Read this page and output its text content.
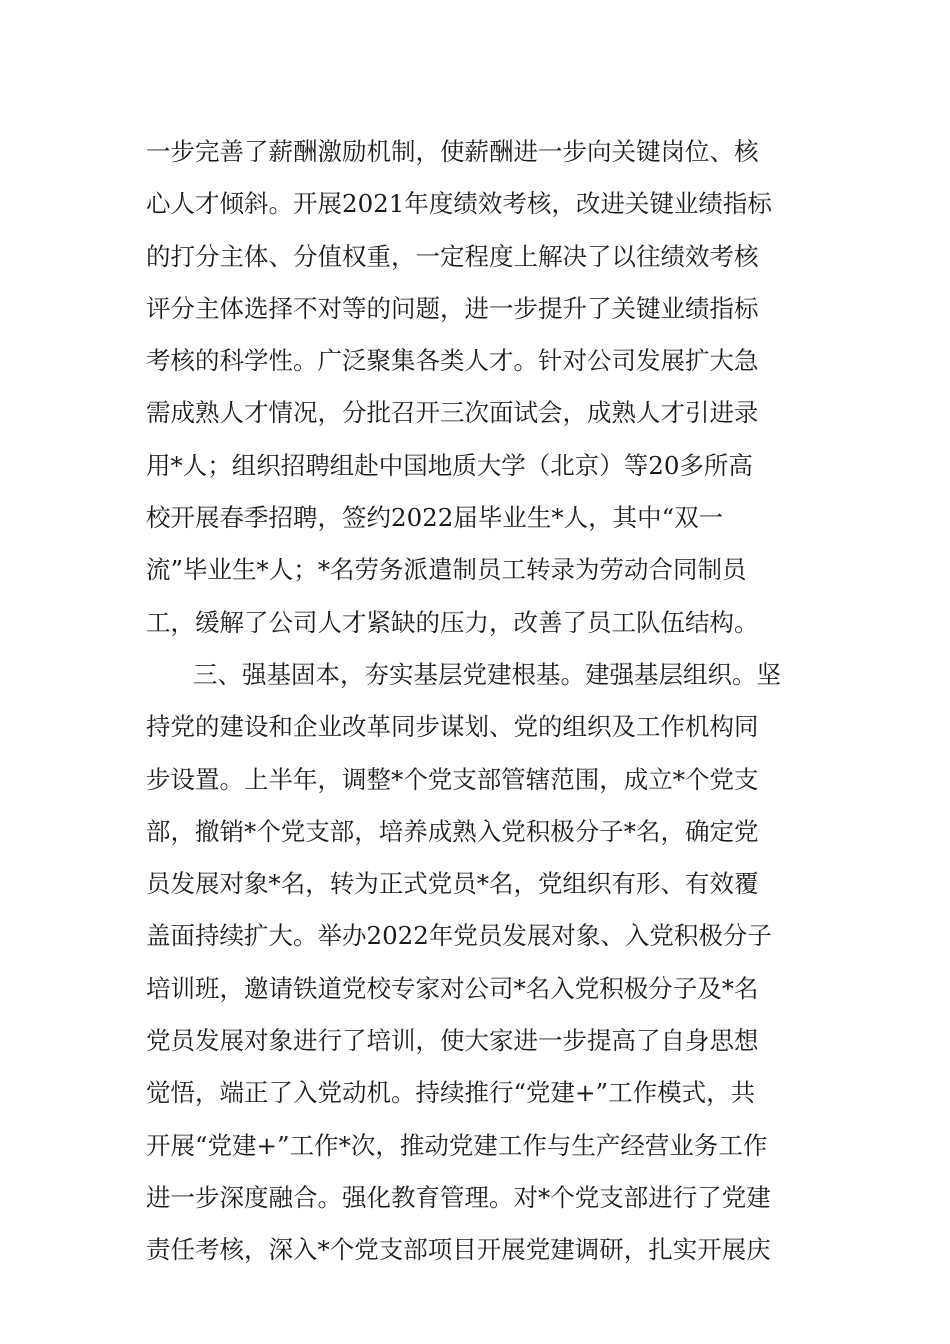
一步完善了薪酬激励机制，使薪酬进一步向关键岗位、核
心人才倾斜。开展2021年度绩效考核，改进关键业绩指标
的打分主体、分值权重，一定程度上解决了以往绩效考核
评分主体选择不对等的问题，进一步提升了关键业绩指标
考核的科学性。广泛聚集各类人才。针对公司发展扩大急
需成熟人才情况，分批召开三次面试会，成熟人才引进录
用*人；组织招聘组赴中国地质大学（北京）等20多所高
校开展春季招聘，签约2022届毕业生*人，其中“双一
流”毕业生*人；*名劳务派遣制员工转录为劳动合同制员
工，缓解了公司人才紧缺的压力，改善了员工队伍结构。
三、强基固本，夯实基层党建根基。建强基层组织。坚
持党的建设和企业改革同步谋划、党的组织及工作机构同
步设置。上半年，调整*个党支部管辖范围，成立*个党支
部，撤销*个党支部，培养成熟入党积极分子*名，确定党
员发展对象*名，转为正式党员*名，党组织有形、有效覆
盖面持续扩大。举办2022年党员发展对象、入党积极分子
培训班，邀请铁道党校专家对公司*名入党积极分子及*名
党员发展对象进行了培训，使大家进一步提高了自身思想
觉悟，端正了入党动机。持续推行“党建+”工作模式，共
开展“党建+”工作*次，推动党建工作与生产经营业务工作
进一步深度融合。强化教育管理。对*个党支部进行了党建
责任考核，深入*个党支部项目开展党建调研，扎实开展庆
